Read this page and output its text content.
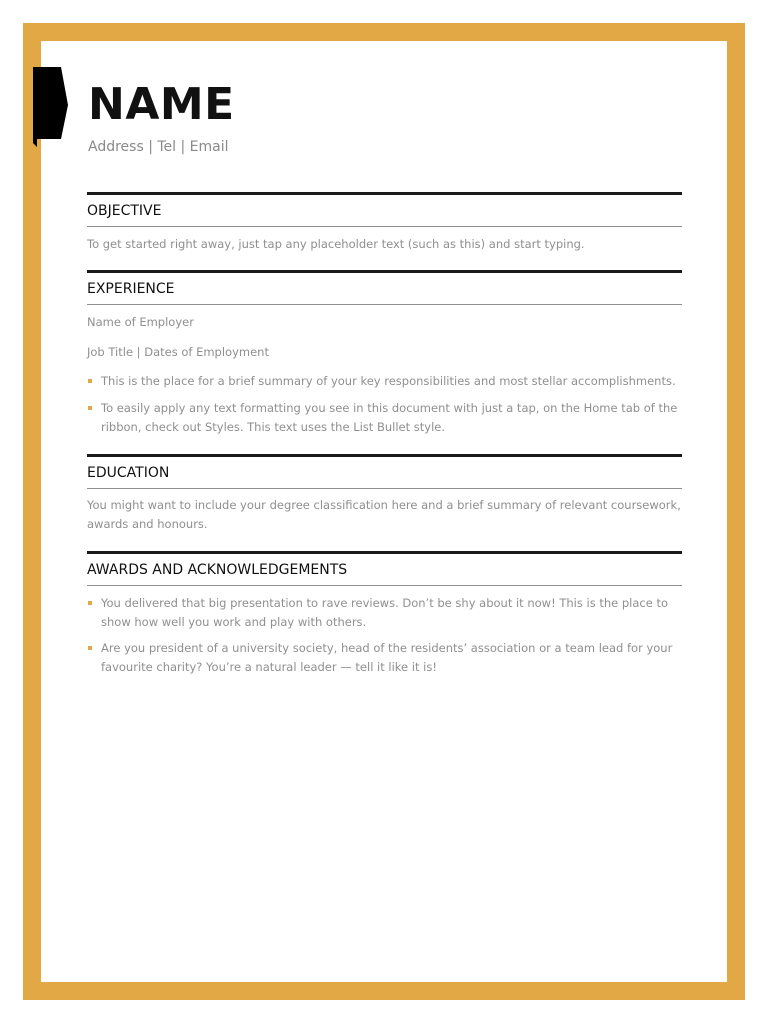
NAME
Address | Tel | Email
OBJECTIVE

To get started right away, just tap any placeholder text (such as this) and start typing.

EXPERIENCE

Name of Employer

Job Title | Dates of Employment

This is the place for a brief summary of your key responsibilities and most stellar accomplishments.

To easily apply any text formatting you see in this document with just a tap, on the Home tab of the ribbon, check out Styles. This text uses the List Bullet style.

EDUCATION

You might want to include your degree classification here and a brief summary of relevant coursework, awards and honours.

AWARDS AND ACKNOWLEDGEMENTS

You delivered that big presentation to rave reviews. Don’t be shy about it now! This is the place to show how well you work and play with others.

Are you president of a university society, head of the residents’ association or a team lead for your favourite charity? You’re a natural leader — tell it like it is!
